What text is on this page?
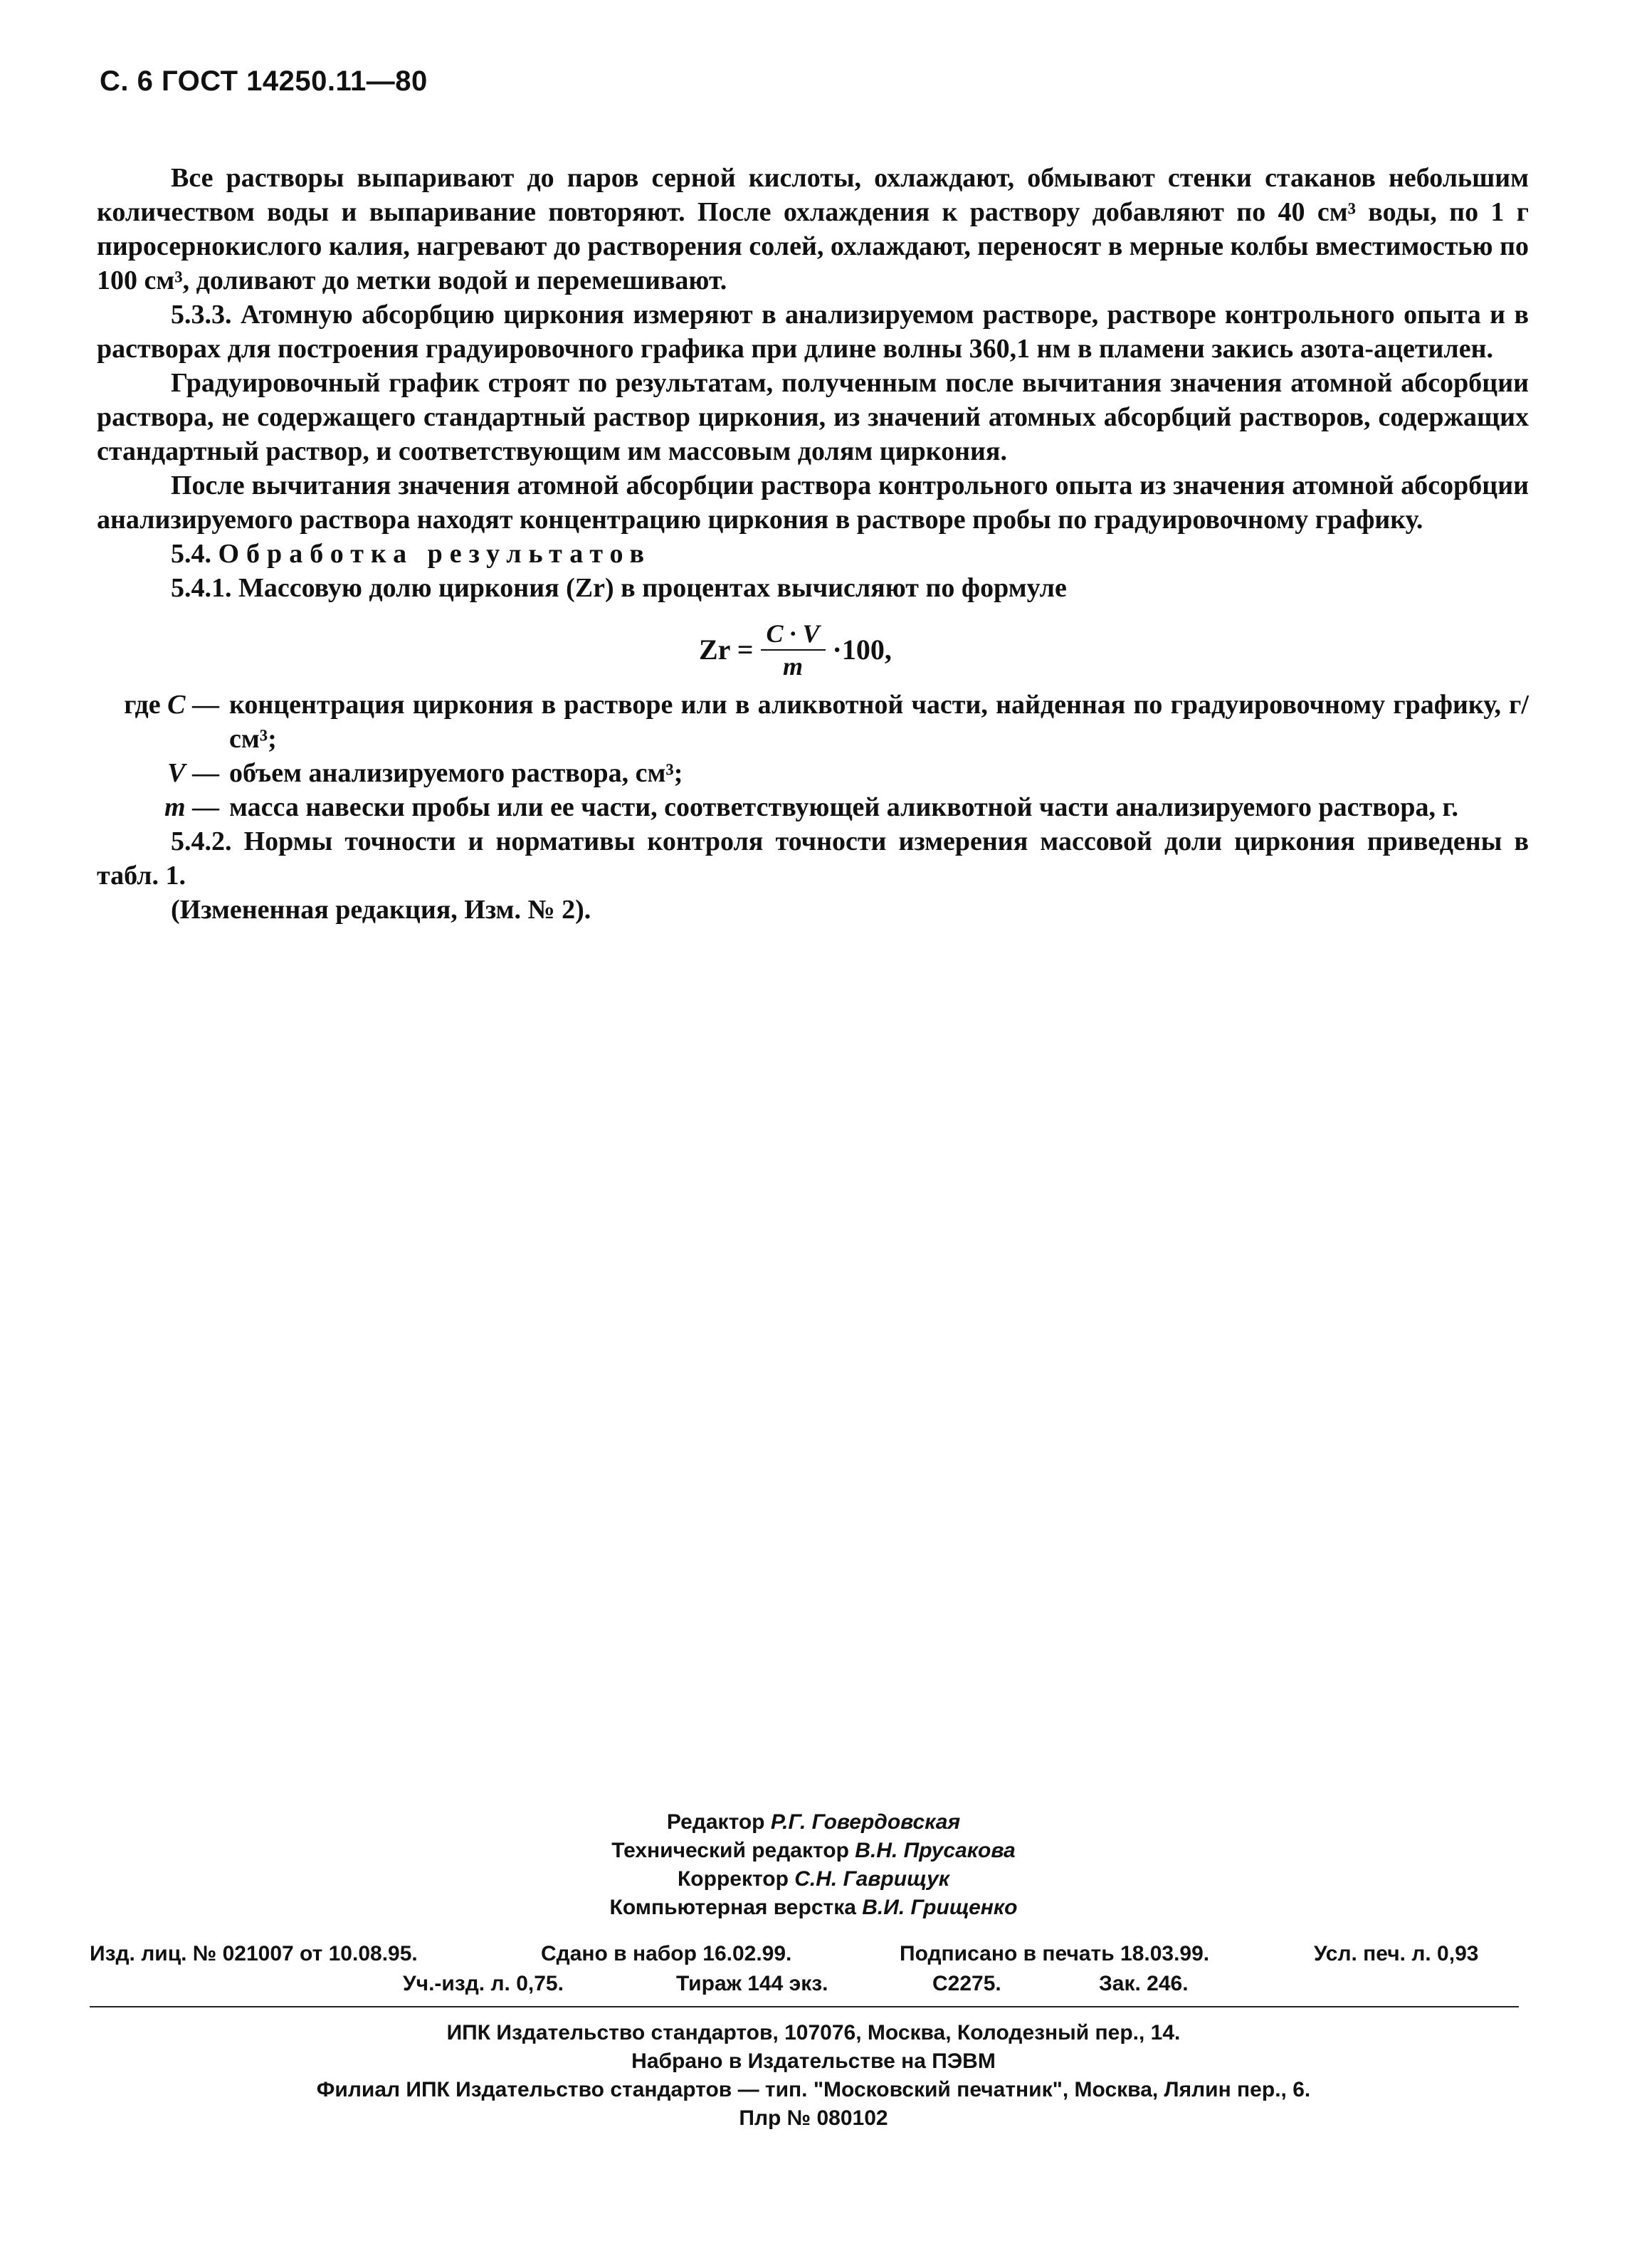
С. 6 ГОСТ 14250.11—80

Все растворы выпаривают до паров серной кислоты, охлаждают, обмывают стенки стаканов небольшим количеством воды и выпаривание повторяют. После охлаждения к раствору добавляют по 40 см³ воды, по 1 г пиросернокислого калия, нагревают до растворения солей, охлаждают, переносят в мерные колбы вместимостью по 100 см³, доливают до метки водой и перемешивают.

5.3.3. Атомную абсорбцию циркония измеряют в анализируемом растворе, растворе контрольного опыта и в растворах для построения градуировочного графика при длине волны 360,1 нм в пламени закись азота-ацетилен.

Градуировочный график строят по результатам, полученным после вычитания значения атомной абсорбции раствора, не содержащего стандартный раствор циркония, из значений атомных абсорбций растворов, содержащих стандартный раствор, и соответствующим им массовым долям циркония.

После вычитания значения атомной абсорбции раствора контрольного опыта из значения атомной абсорбции анализируемого раствора находят концентрацию циркония в растворе пробы по градуировочному графику.

5.4. Обработка результатов

5.4.1. Массовую долю циркония (Zr) в процентах вычисляют по формуле

$Zr = \frac{C \cdot V}{m} \cdot 100$,
где C — концентрация циркония в растворе или в аликвотной части, найденная по градуировочному графику, г/см³;
V — объем анализируемого раствора, см³;
m — масса навески пробы или ее части, соответствующей аликвотной части анализируемого раствора, г.

5.4.2. Нормы точности и нормативы контроля точности измерения массовой доли циркония приведены в табл. 1.

(Измененная редакция, Изм. № 2).

Редактор Р.Г. Говердовская
Технический редактор В.Н. Прусакова
Корректор С.Н. Гаврищук
Компьютерная верстка В.И. Грищенко
Изд. лиц. № 021007 от 10.08.95.	Сдано в набор 16.02.99.	Подписано в печать 18.03.99.	Усл. печ. л. 0,93
Уч.-изд. л. 0,75.	Тираж 144 экз.	С2275.	Зак. 246.
ИПК Издательство стандартов, 107076, Москва, Колодезный пер., 14.
Набрано в Издательстве на ПЭВМ
Филиал ИПК Издательство стандартов — тип. "Московский печатник", Москва, Лялин пер., 6.
Плр № 080102
